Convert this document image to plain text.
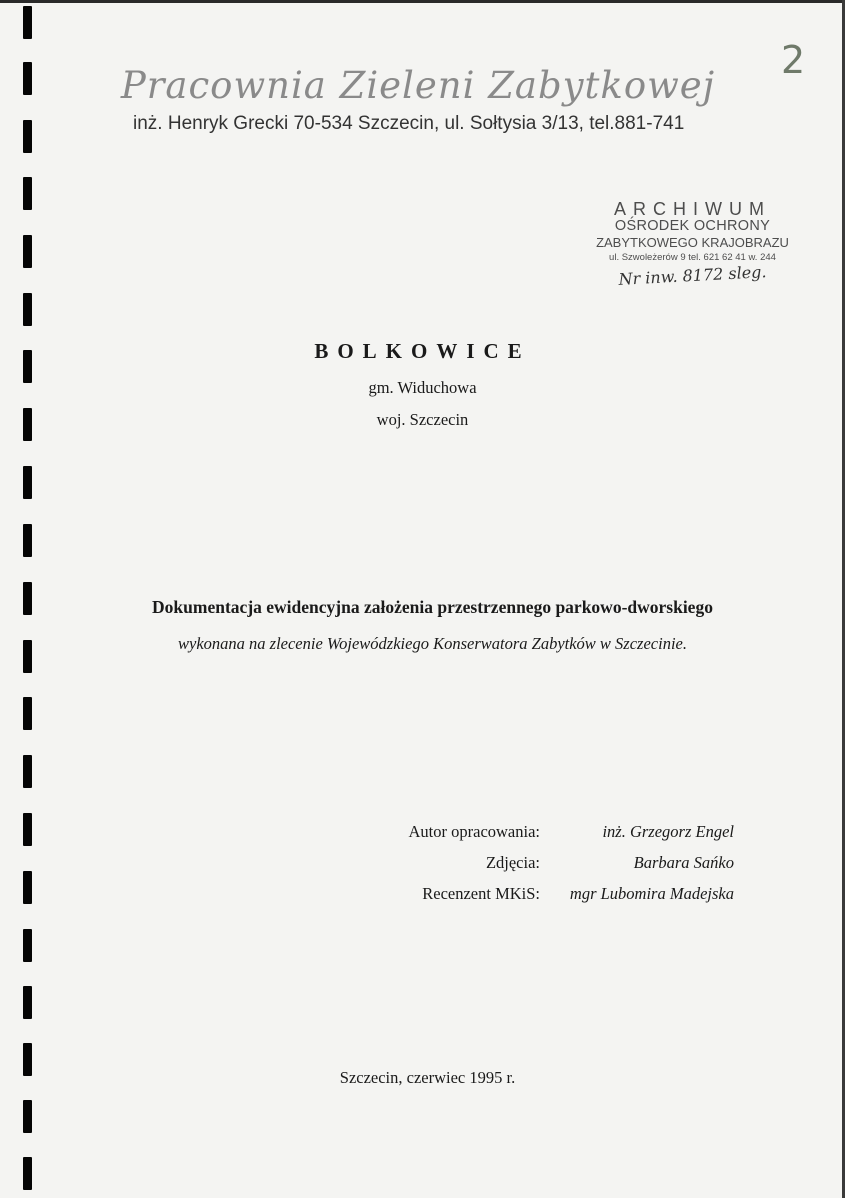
2
Pracownia Zieleni Zabytkowej
inż. Henryk Grecki 70-534 Szczecin, ul. Sołtysia 3/13, tel.881-741
ARCHIWUM
OŚRODEK OCHRONY
ZABYTKOWEGO KRAJOBRAZU
ul. Szwoleżerów 9 tel. 621 62 41 w. 244
Nr inw. 8172 sleg.
BOLKOWICE
gm. Widuchowa
woj. Szczecin
Dokumentacja ewidencyjna założenia przestrzennego parkowo-dworskiego
wykonana na zlecenie Wojewódzkiego Konserwatora Zabytków w Szczecinie.
Autor opracowania:	inż. Grzegorz Engel
Zdjęcia:	Barbara Sańko
Recenzent MKiS: mgr Lubomira Madejska
Szczecin, czerwiec 1995 r.
